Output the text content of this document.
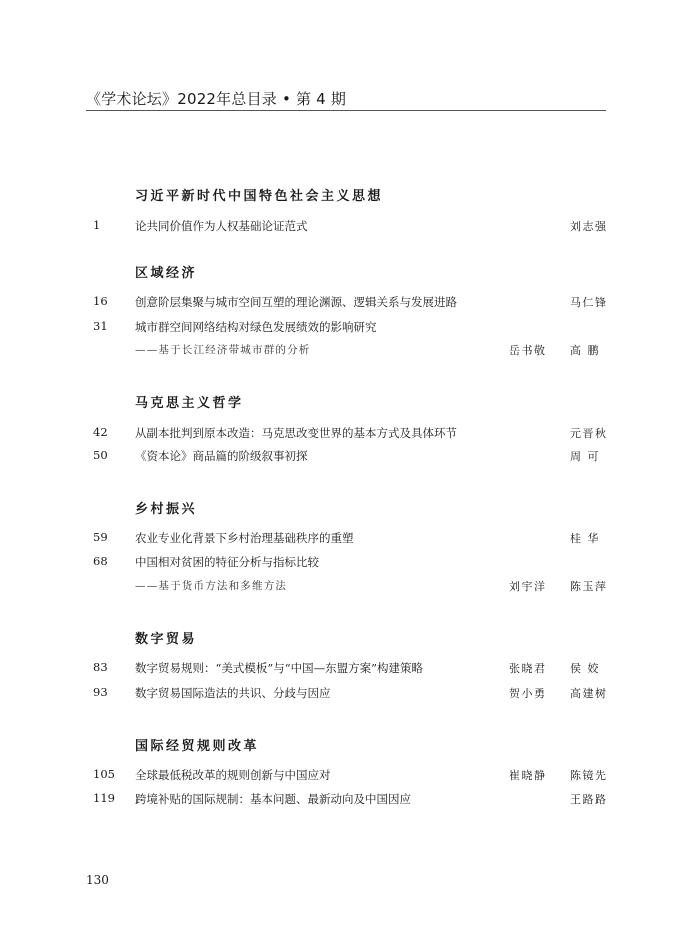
《学术论坛》2022年总目录 • 第 4 期
习近平新时代中国特色社会主义思想
1	论共同价值作为人权基础论证范式	刘志强
区域经济
16 创意阶层集聚与城市空间互塑的理论渊源、逻辑关系与发展进路	马仁锋
31 城市群空间网络结构对绿色发展绩效的影响研究
——基于长江经济带城市群的分析	岳书敬 高 鹏
马克思主义哲学
42 从副本批判到原本改造：马克思改变世界的基本方式及具体环节	元晋秋
50 《资本论》商品篇的阶级叙事初探	周 可
乡村振兴
59 农业专业化背景下乡村治理基础秩序的重塑	桂 华
68 中国相对贫困的特征分析与指标比较
——基于货币方法和多维方法	刘宇洋 陈玉萍
数字贸易
83 数字贸易规则：“美式模板”与“中国—东盟方案”构建策略	张晓君 侯 姣
93 数字贸易国际造法的共识、分歧与因应	贺小勇 高建树
国际经贸规则改革
105 全球最低税改革的规则创新与中国应对	崔晓静 陈镜先
119 跨境补贴的国际规制：基本问题、最新动向及中国因应	王路路
130
